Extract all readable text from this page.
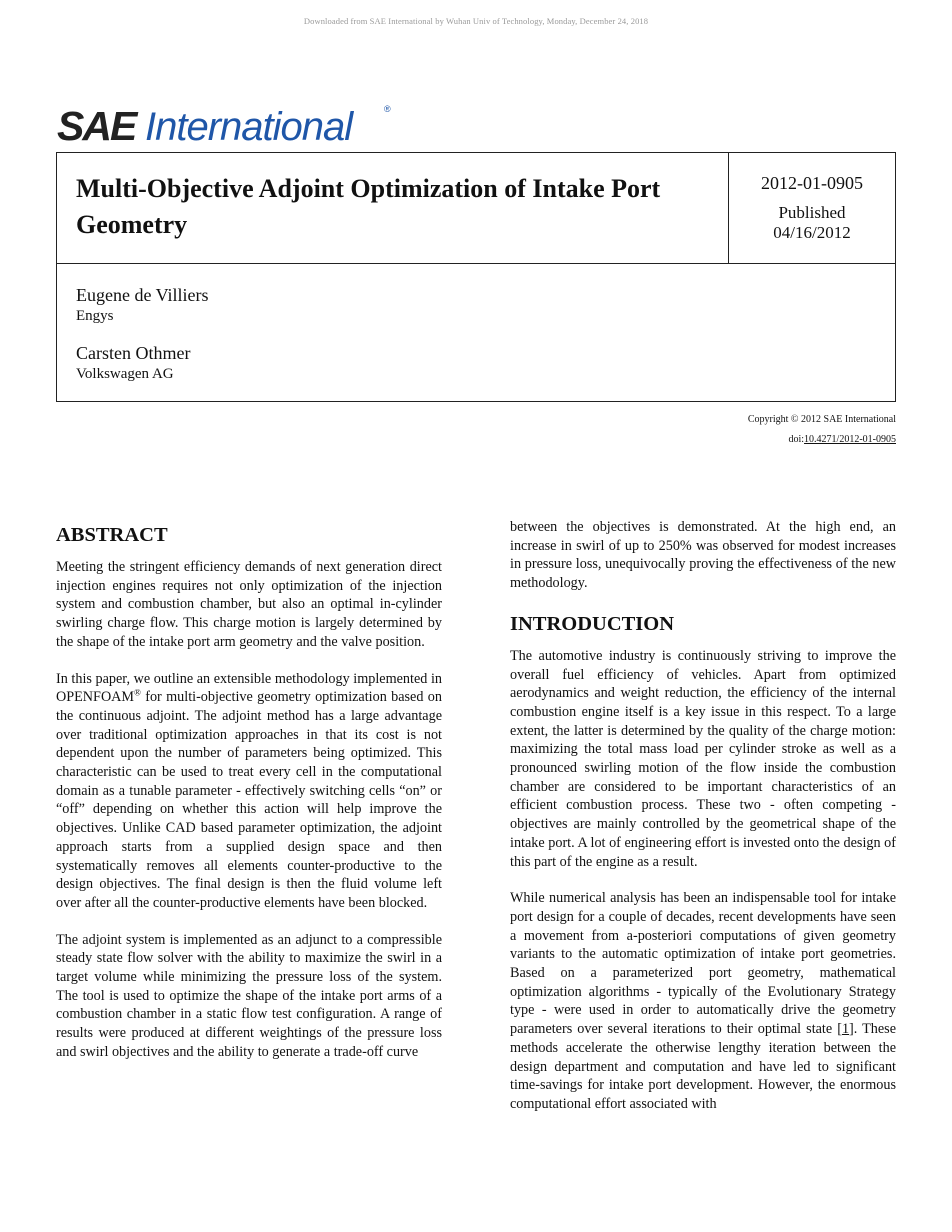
Downloaded from SAE International by Wuhan Univ of Technology, Monday, December 24, 2018
SAE International	®
Multi-Objective Adjoint Optimization of Intake Port Geometry
2012-01-0905
Published
04/16/2012
Eugene de Villiers
Engys
Carsten Othmer
Volkswagen AG
Copyright © 2012 SAE International
doi:10.4271/2012-01-0905
ABSTRACT

Meeting the stringent efficiency demands of next generation direct injection engines requires not only optimization of the injection system and combustion chamber, but also an optimal in-cylinder swirling charge flow. This charge motion is largely determined by the shape of the intake port arm geometry and the valve position.

In this paper, we outline an extensible methodology implemented in OPENFOAM® for multi-objective geometry optimization based on the continuous adjoint. The adjoint method has a large advantage over traditional optimization approaches in that its cost is not dependent upon the number of parameters being optimized. This characteristic can be used to treat every cell in the computational domain as a tunable parameter - effectively switching cells “on” or “off” depending on whether this action will help improve the objectives. Unlike CAD based parameter optimization, the adjoint approach starts from a supplied design space and then systematically removes all elements counter-productive to the design objectives. The final design is then the fluid volume left over after all the counter-productive elements have been blocked.

The adjoint system is implemented as an adjunct to a compressible steady state flow solver with the ability to maximize the swirl in a target volume while minimizing the pressure loss of the system. The tool is used to optimize the shape of the intake port arms of a combustion chamber in a static flow test configuration. A range of results were produced at different weightings of the pressure loss and swirl objectives and the ability to generate a trade-off curve

between the objectives is demonstrated. At the high end, an increase in swirl of up to 250% was observed for modest increases in pressure loss, unequivocally proving the effectiveness of the new methodology.

INTRODUCTION

The automotive industry is continuously striving to improve the overall fuel efficiency of vehicles. Apart from optimized aerodynamics and weight reduction, the efficiency of the internal combustion engine itself is a key issue in this respect. To a large extent, the latter is determined by the quality of the charge motion: maximizing the total mass load per cylinder stroke as well as a pronounced swirling motion of the flow inside the combustion chamber are considered to be important characteristics of an efficient combustion process. These two - often competing - objectives are mainly controlled by the geometrical shape of the intake port. A lot of engineering effort is invested onto the design of this part of the engine as a result.

While numerical analysis has been an indispensable tool for intake port design for a couple of decades, recent developments have seen a movement from a-posteriori computations of given geometry variants to the automatic optimization of intake port geometries. Based on a parameterized port geometry, mathematical optimization algorithms - typically of the Evolutionary Strategy type - were used in order to automatically drive the geometry parameters over several iterations to their optimal state [1]. These methods accelerate the otherwise lengthy iteration between the design department and computation and have led to significant time-savings for intake port development. However, the enormous computational effort associated with
